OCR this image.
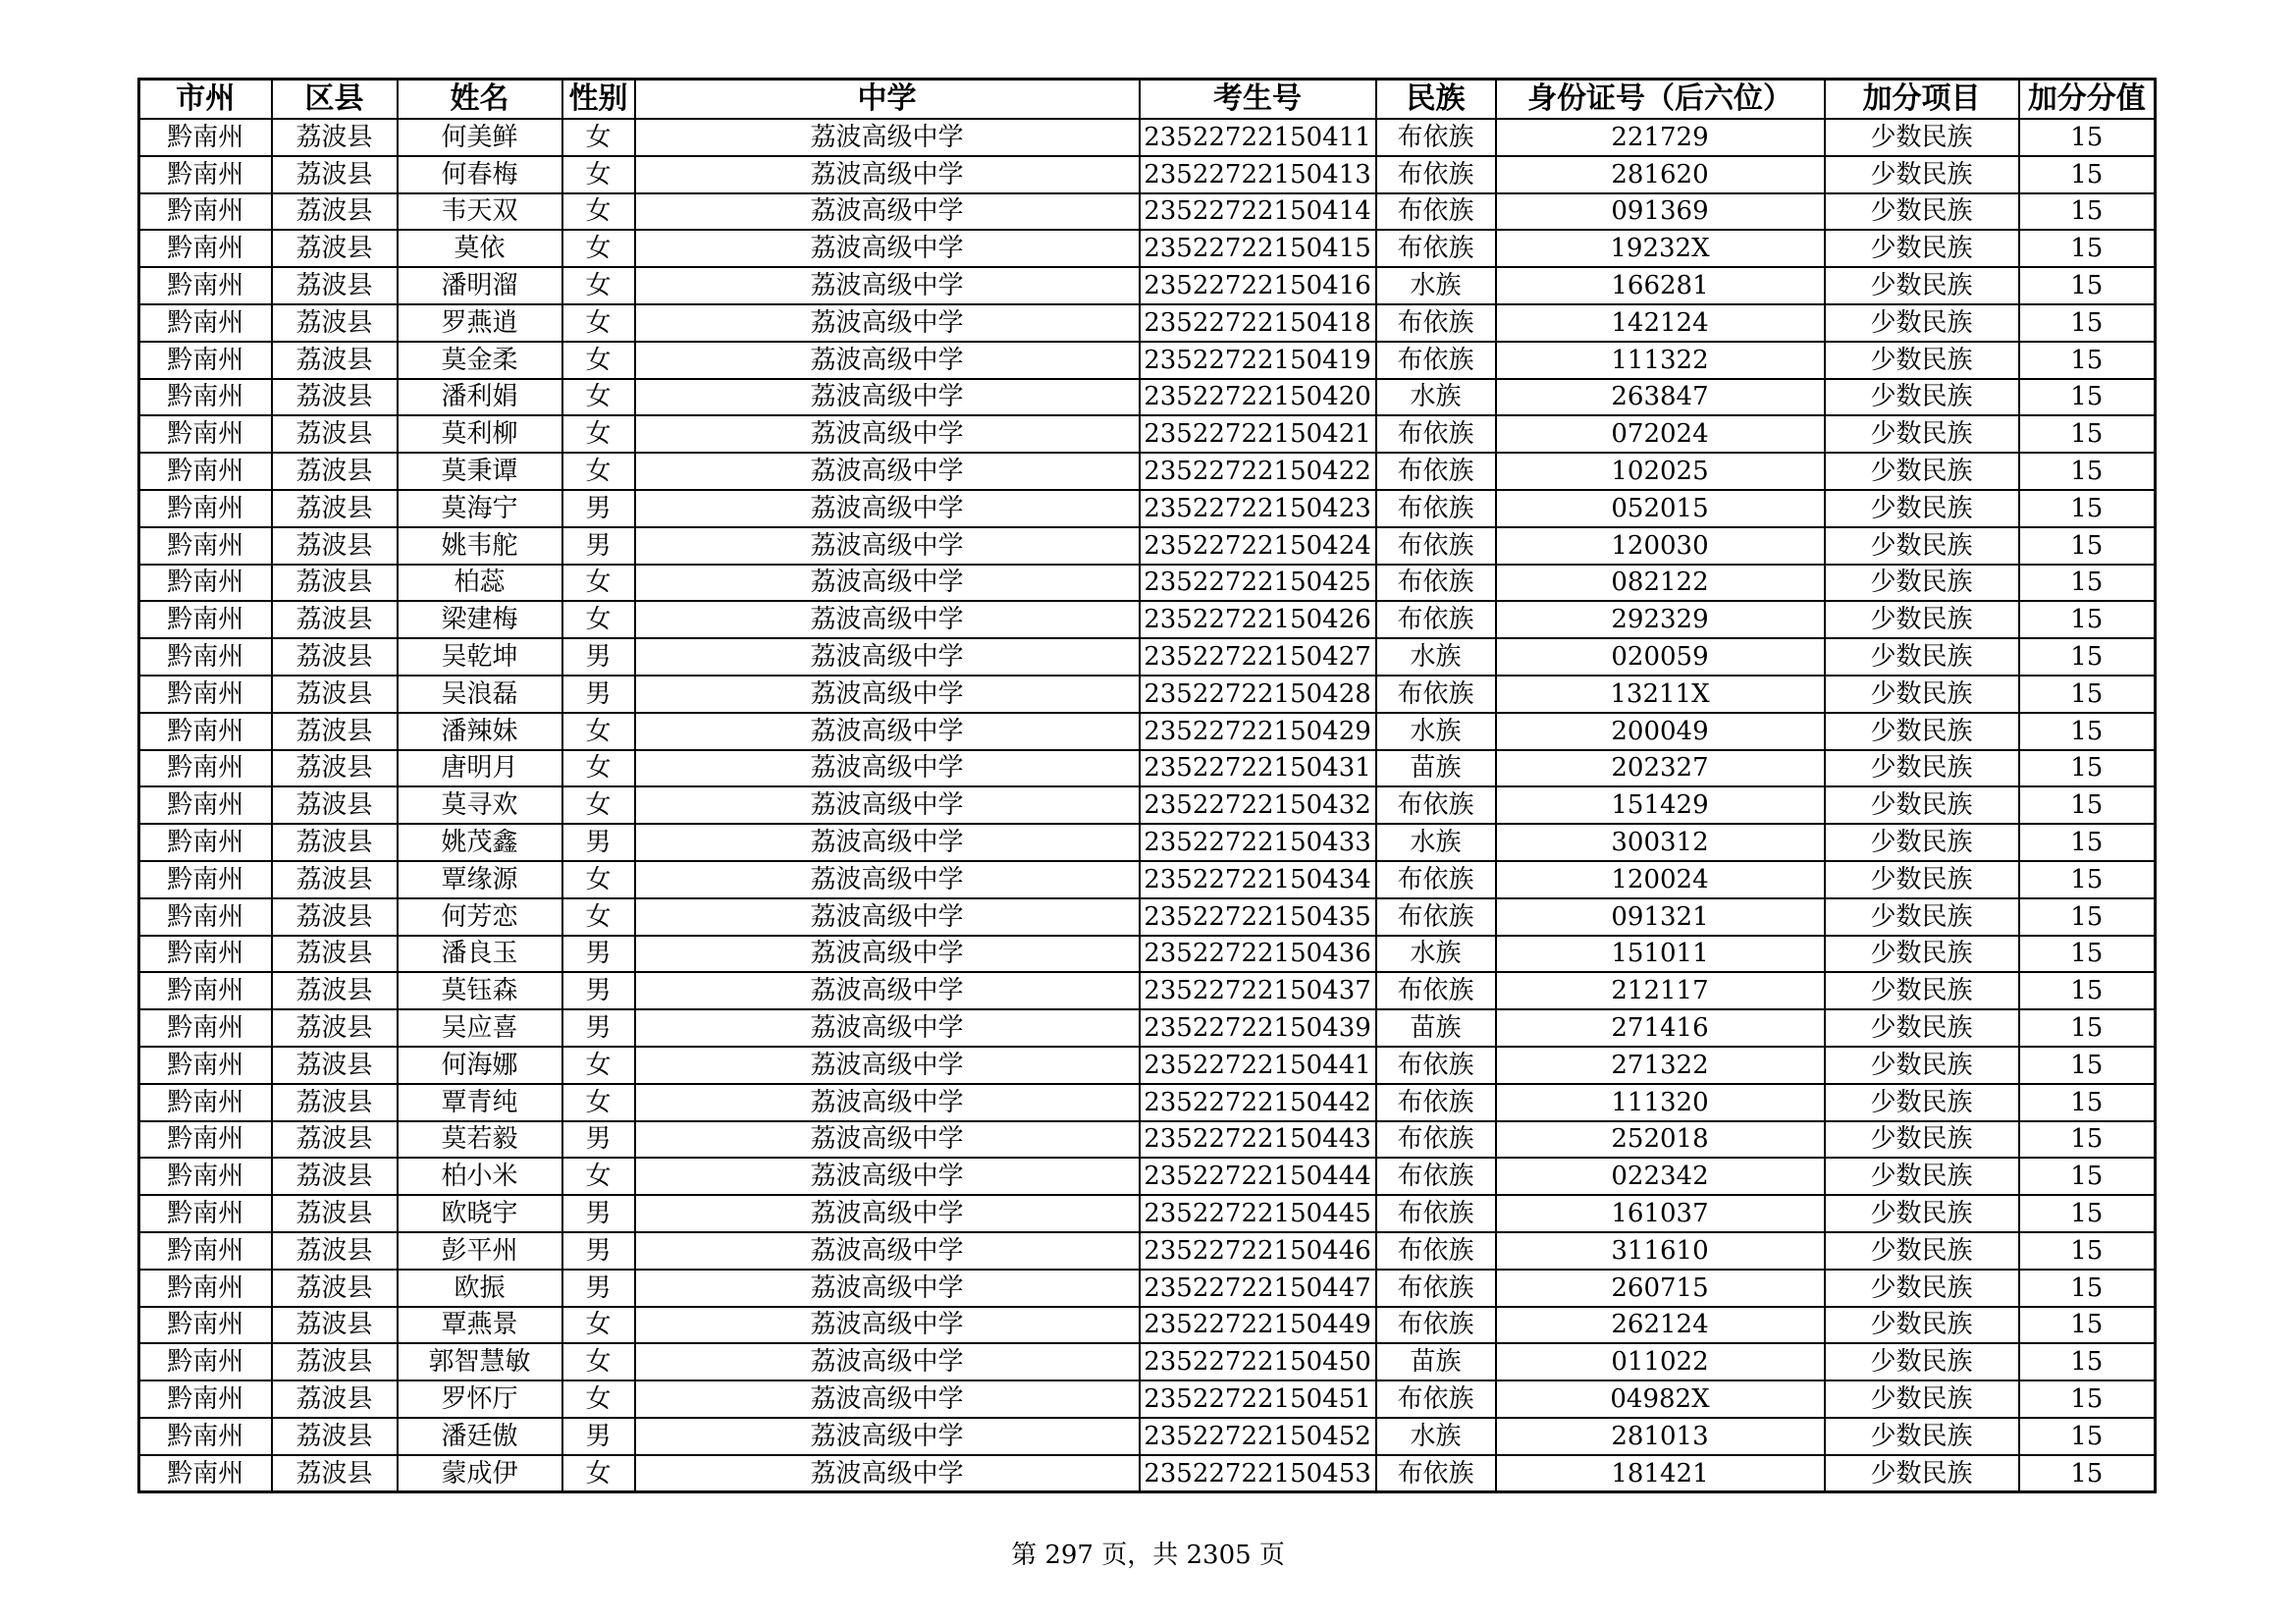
市州	区县	姓名	性别	中学	考生号	民族	身份证号（后六位）	加分项目	加分分值
黔南州	荔波县	何美鲜	女	荔波高级中学	23522722150411	布依族	221729	少数民族	15
黔南州	荔波县	何春梅	女	荔波高级中学	23522722150413	布依族	281620	少数民族	15
黔南州	荔波县	韦天双	女	荔波高级中学	23522722150414	布依族	091369	少数民族	15
黔南州	荔波县	莫依	女	荔波高级中学	23522722150415	布依族	19232X	少数民族	15
黔南州	荔波县	潘明溜	女	荔波高级中学	23522722150416	水族	166281	少数民族	15
黔南州	荔波县	罗燕逍	女	荔波高级中学	23522722150418	布依族	142124	少数民族	15
黔南州	荔波县	莫金柔	女	荔波高级中学	23522722150419	布依族	111322	少数民族	15
黔南州	荔波县	潘利娟	女	荔波高级中学	23522722150420	水族	263847	少数民族	15
黔南州	荔波县	莫利柳	女	荔波高级中学	23522722150421	布依族	072024	少数民族	15
黔南州	荔波县	莫秉谭	女	荔波高级中学	23522722150422	布依族	102025	少数民族	15
黔南州	荔波县	莫海宁	男	荔波高级中学	23522722150423	布依族	052015	少数民族	15
黔南州	荔波县	姚韦舵	男	荔波高级中学	23522722150424	布依族	120030	少数民族	15
黔南州	荔波县	柏蕊	女	荔波高级中学	23522722150425	布依族	082122	少数民族	15
黔南州	荔波县	梁建梅	女	荔波高级中学	23522722150426	布依族	292329	少数民族	15
黔南州	荔波县	吴乾坤	男	荔波高级中学	23522722150427	水族	020059	少数民族	15
黔南州	荔波县	吴浪磊	男	荔波高级中学	23522722150428	布依族	13211X	少数民族	15
黔南州	荔波县	潘辣妹	女	荔波高级中学	23522722150429	水族	200049	少数民族	15
黔南州	荔波县	唐明月	女	荔波高级中学	23522722150431	苗族	202327	少数民族	15
黔南州	荔波县	莫寻欢	女	荔波高级中学	23522722150432	布依族	151429	少数民族	15
黔南州	荔波县	姚茂鑫	男	荔波高级中学	23522722150433	水族	300312	少数民族	15
黔南州	荔波县	覃缘源	女	荔波高级中学	23522722150434	布依族	120024	少数民族	15
黔南州	荔波县	何芳恋	女	荔波高级中学	23522722150435	布依族	091321	少数民族	15
黔南州	荔波县	潘良玉	男	荔波高级中学	23522722150436	水族	151011	少数民族	15
黔南州	荔波县	莫钰森	男	荔波高级中学	23522722150437	布依族	212117	少数民族	15
黔南州	荔波县	吴应喜	男	荔波高级中学	23522722150439	苗族	271416	少数民族	15
黔南州	荔波县	何海娜	女	荔波高级中学	23522722150441	布依族	271322	少数民族	15
黔南州	荔波县	覃青纯	女	荔波高级中学	23522722150442	布依族	111320	少数民族	15
黔南州	荔波县	莫若毅	男	荔波高级中学	23522722150443	布依族	252018	少数民族	15
黔南州	荔波县	柏小米	女	荔波高级中学	23522722150444	布依族	022342	少数民族	15
黔南州	荔波县	欧晓宇	男	荔波高级中学	23522722150445	布依族	161037	少数民族	15
黔南州	荔波县	彭平州	男	荔波高级中学	23522722150446	布依族	311610	少数民族	15
黔南州	荔波县	欧振	男	荔波高级中学	23522722150447	布依族	260715	少数民族	15
黔南州	荔波县	覃燕景	女	荔波高级中学	23522722150449	布依族	262124	少数民族	15
黔南州	荔波县	郭智慧敏	女	荔波高级中学	23522722150450	苗族	011022	少数民族	15
黔南州	荔波县	罗怀厅	女	荔波高级中学	23522722150451	布依族	04982X	少数民族	15
黔南州	荔波县	潘廷傲	男	荔波高级中学	23522722150452	水族	281013	少数民族	15
黔南州	荔波县	蒙成伊	女	荔波高级中学	23522722150453	布依族	181421	少数民族	15
第 297 页，共 2305 页
